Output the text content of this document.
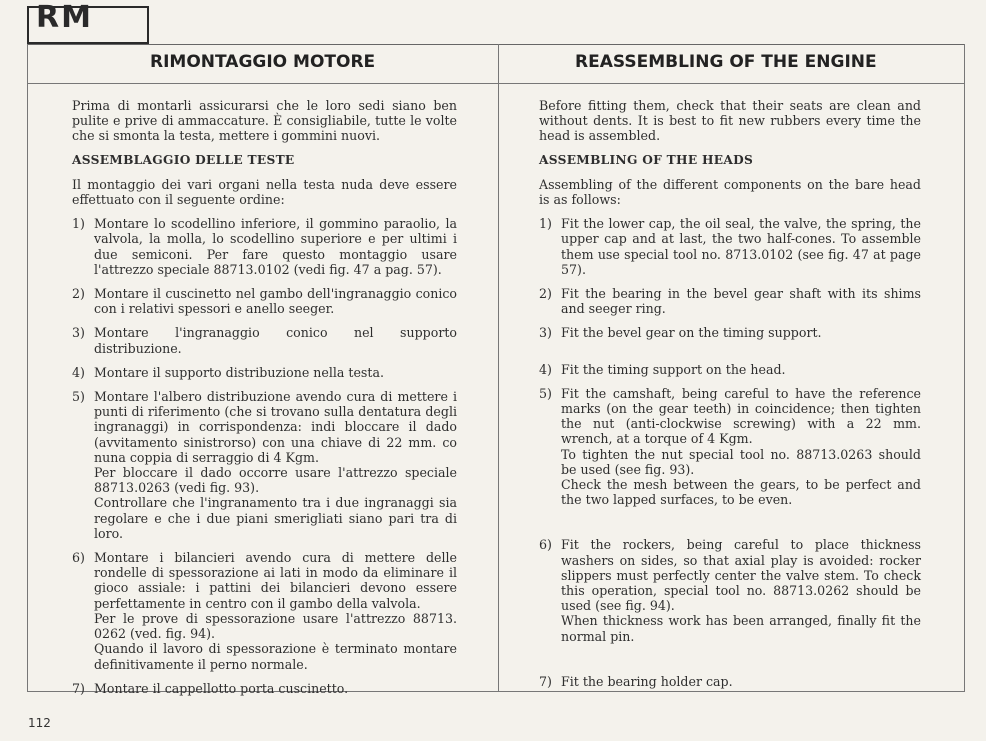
RM
RIMONTAGGIO MOTORE	REASSEMBLING OF THE ENGINE

Prima di montarli assicurarsi che le loro sedi siano ben pulite e prive di ammaccature. È consigliabile, tutte le volte che si smonta la testa, mettere i gommini nuovi.

ASSEMBLAGGIO DELLE TESTE

Il montaggio dei vari organi nella testa nuda deve essere effettuato con il seguente ordine:

1) Montare lo scodellino inferiore, il gommino paraolio, la valvola, la molla, lo scodellino superiore e per ultimi i due semiconi. Per fare questo montaggio usare l'attrezzo speciale 88713.0102 (vedi fig. 47 a pag. 57).
2) Montare il cuscinetto nel gambo dell'ingranaggio conico con i relativi spessori e anello seeger.
3) Montare l'ingranaggio conico nel supporto distribuzione.
4) Montare il supporto distribuzione nella testa.
5) Montare l'albero distribuzione avendo cura di mettere i punti di riferimento (che si trovano sulla dentatura degli ingranaggi) in corrispondenza: indi bloccare il dado (avvitamento sinistrorso) con una chiave di 22 mm. co nuna coppia di serraggio di 4 Kgm.
Per bloccare il dado occorre usare l'attrezzo speciale 88713.0263 (vedi fig. 93).
Controllare che l'ingranamento tra i due ingranaggi sia regolare e che i due piani smerigliati siano pari tra di loro.
6) Montare i bilancieri avendo cura di mettere delle rondelle di spessorazione ai lati in modo da eliminare il gioco assiale: i pattini dei bilancieri devono essere perfettamente in centro con il gambo della valvola.
Per le prove di spessorazione usare l'attrezzo 88713. 0262 (ved. fig. 94).
Quando il lavoro di spessorazione è terminato montare definitivamente il perno normale.
7) Montare il cappellotto porta cuscinetto.

Before fitting them, check that their seats are clean and without dents. It is best to fit new rubbers every time the head is assembled.

ASSEMBLING OF THE HEADS

Assembling of the different components on the bare head is as follows:

1) Fit the lower cap, the oil seal, the valve, the spring, the upper cap and at last, the two half-cones. To assemble them use special tool no. 8713.0102 (see fig. 47 at page 57).
2) Fit the bearing in the bevel gear shaft with its shims and seeger ring.
3) Fit the bevel gear on the timing support.
4) Fit the timing support on the head.
5) Fit the camshaft, being careful to have the reference marks (on the gear teeth) in coincidence; then tighten the nut (anti-clockwise screwing) with a 22 mm. wrench, at a torque of 4 Kgm.
To tighten the nut special tool no. 88713.0263 should be used (see fig. 93).
Check the mesh between the gears, to be perfect and the two lapped surfaces, to be even.
6) Fit the rockers, being careful to place thickness washers on sides, so that axial play is avoided: rocker slippers must perfectly center the valve stem. To check this operation, special tool no. 88713.0262 should be used (see fig. 94).
When thickness work has been arranged, finally fit the normal pin.
7) Fit the bearing holder cap.
112
